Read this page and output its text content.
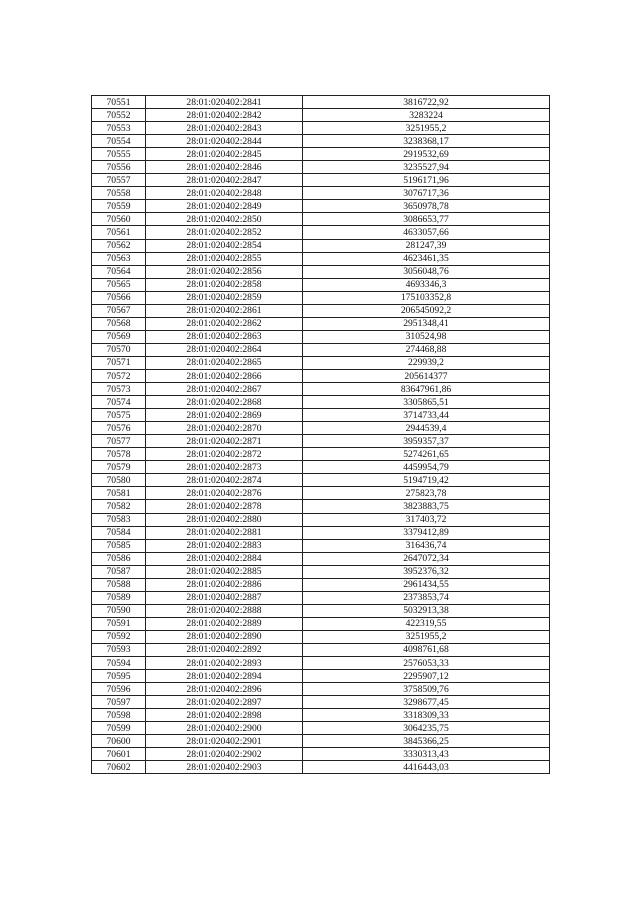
70551	28:01:020402:2841	3816722,92
70552	28:01:020402:2842	3283224
70553	28:01:020402:2843	3251955,2
70554	28:01:020402:2844	3238368,17
70555	28:01:020402:2845	2919532,69
70556	28:01:020402:2846	3235527,94
70557	28:01:020402:2847	5196171,96
70558	28:01:020402:2848	3076717,36
70559	28:01:020402:2849	3650978,78
70560	28:01:020402:2850	3086653,77
70561	28:01:020402:2852	4633057,66
70562	28:01:020402:2854	281247,39
70563	28:01:020402:2855	4623461,35
70564	28:01:020402:2856	3056048,76
70565	28:01:020402:2858	4693346,3
70566	28:01:020402:2859	175103352,8
70567	28:01:020402:2861	206545092,2
70568	28:01:020402:2862	2951348,41
70569	28:01:020402:2863	310524,98
70570	28:01:020402:2864	274468,88
70571	28:01:020402:2865	229939,2
70572	28:01:020402:2866	205614377
70573	28:01:020402:2867	83647961,86
70574	28:01:020402:2868	3305865,51
70575	28:01:020402:2869	3714733,44
70576	28:01:020402:2870	2944539,4
70577	28:01:020402:2871	3959357,37
70578	28:01:020402:2872	5274261,65
70579	28:01:020402:2873	4459954,79
70580	28:01:020402:2874	5194719,42
70581	28:01:020402:2876	275823,78
70582	28:01:020402:2878	3823883,75
70583	28:01:020402:2880	317403,72
70584	28:01:020402:2881	3379412,89
70585	28:01:020402:2883	316436,74
70586	28:01:020402:2884	2647072,34
70587	28:01:020402:2885	3952376,32
70588	28:01:020402:2886	2961434,55
70589	28:01:020402:2887	2373853,74
70590	28:01:020402:2888	5032913,38
70591	28:01:020402:2889	422319,55
70592	28:01:020402:2890	3251955,2
70593	28:01:020402:2892	4098761,68
70594	28:01:020402:2893	2576053,33
70595	28:01:020402:2894	2295907,12
70596	28:01:020402:2896	3758509,76
70597	28:01:020402:2897	3298677,45
70598	28:01:020402:2898	3318309,33
70599	28:01:020402:2900	3064235,75
70600	28:01:020402:2901	3845366,25
70601	28:01:020402:2902	3330313,43
70602	28:01:020402:2903	4416443,03
